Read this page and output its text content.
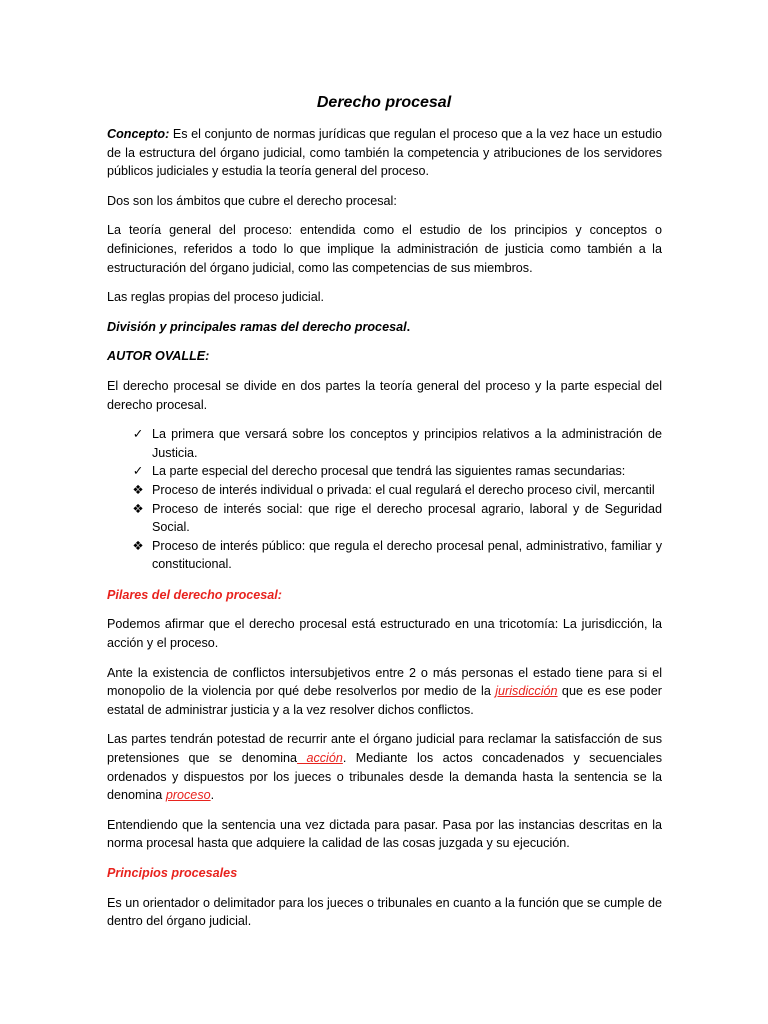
Derecho procesal

Concepto: Es el conjunto de normas jurídicas que regulan el proceso que a la vez hace un estudio de la estructura del órgano judicial, como también la competencia y atribuciones de los servidores públicos judiciales y estudia la teoría general del proceso.

Dos son los ámbitos que cubre el derecho procesal:

La teoría general del proceso: entendida como el estudio de los principios y conceptos o definiciones, referidos a todo lo que implique la administración de justicia como también a la estructuración del órgano judicial, como las competencias de sus miembros.

Las reglas propias del proceso judicial.

División y principales ramas del derecho procesal.

AUTOR OVALLE:

El derecho procesal se divide en dos partes la teoría general del proceso y la parte especial del derecho procesal.

✓ La primera que versará sobre los conceptos y principios relativos a la administración de Justicia.
✓ La parte especial del derecho procesal que tendrá las siguientes ramas secundarias:
❖ Proceso de interés individual o privada: el cual regulará el derecho proceso civil, mercantil
❖ Proceso de interés social: que rige el derecho procesal agrario, laboral y de Seguridad Social.
❖ Proceso de interés público: que regula el derecho procesal penal, administrativo, familiar y constitucional.

Pilares del derecho procesal:

Podemos afirmar que el derecho procesal está estructurado en una tricotomía: La jurisdicción, la acción y el proceso.

Ante la existencia de conflictos intersubjetivos entre 2 o más personas el estado tiene para si el monopolio de la violencia por qué debe resolverlos por medio de la jurisdicción que es ese poder estatal de administrar justicia y a la vez resolver dichos conflictos.

Las partes tendrán potestad de recurrir ante el órgano judicial para reclamar la satisfacción de sus pretensiones que se denomina acción. Mediante los actos concadenados y secuenciales ordenados y dispuestos por los jueces o tribunales desde la demanda hasta la sentencia se la denomina proceso.

Entendiendo que la sentencia una vez dictada para pasar. Pasa por las instancias descritas en la norma procesal hasta que adquiere la calidad de las cosas juzgada y su ejecución.

Principios procesales

Es un orientador o delimitador para los jueces o tribunales en cuanto a la función que se cumple de dentro del órgano judicial.
